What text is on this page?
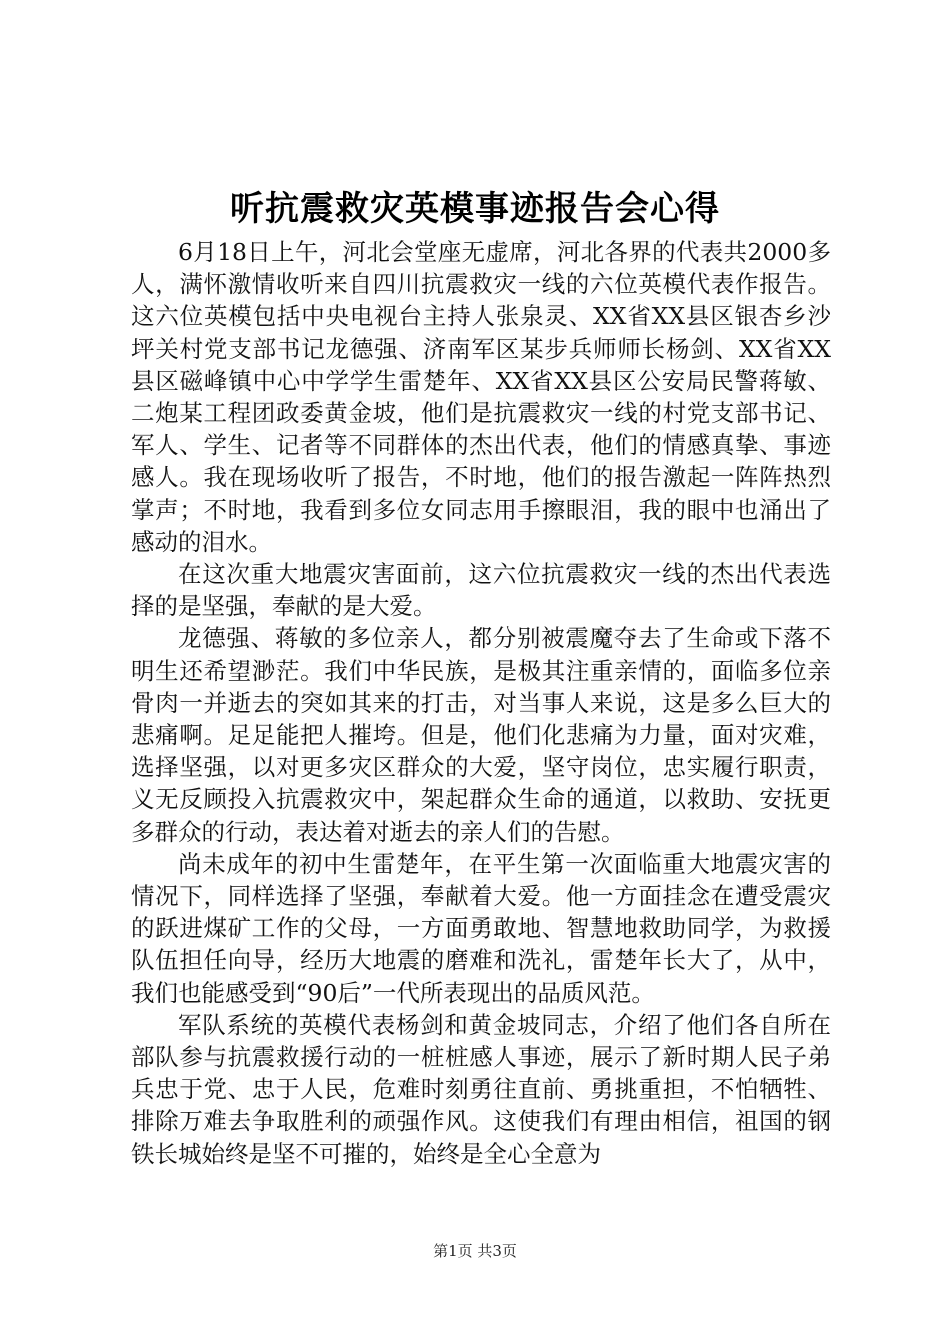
听抗震救灾英模事迹报告会心得

6月18日上午，河北会堂座无虚席，河北各界的代表共2000多人，满怀激情收听来自四川抗震救灾一线的六位英模代表作报告。这六位英模包括中央电视台主持人张泉灵、XX省XX县区银杏乡沙坪关村党支部书记龙德强、济南军区某步兵师师长杨剑、XX省XX县区磁峰镇中心中学学生雷楚年、XX省XX县区公安局民警蒋敏、二炮某工程团政委黄金坡，他们是抗震救灾一线的村党支部书记、军人、学生、记者等不同群体的杰出代表，他们的情感真挚、事迹感人。我在现场收听了报告，不时地，他们的报告激起一阵阵热烈掌声；不时地，我看到多位女同志用手擦眼泪，我的眼中也涌出了感动的泪水。

在这次重大地震灾害面前，这六位抗震救灾一线的杰出代表选择的是坚强，奉献的是大爱。

龙德强、蒋敏的多位亲人，都分别被震魔夺去了生命或下落不明生还希望渺茫。我们中华民族，是极其注重亲情的，面临多位亲骨肉一并逝去的突如其来的打击，对当事人来说，这是多么巨大的悲痛啊。足足能把人摧垮。但是，他们化悲痛为力量，面对灾难，选择坚强，以对更多灾区群众的大爱，坚守岗位，忠实履行职责，义无反顾投入抗震救灾中，架起群众生命的通道，以救助、安抚更多群众的行动，表达着对逝去的亲人们的告慰。

尚未成年的初中生雷楚年，在平生第一次面临重大地震灾害的情况下，同样选择了坚强，奉献着大爱。他一方面挂念在遭受震灾的跃进煤矿工作的父母，一方面勇敢地、智慧地救助同学，为救援队伍担任向导，经历大地震的磨难和洗礼，雷楚年长大了，从中，我们也能感受到“90后”一代所表现出的品质风范。

军队系统的英模代表杨剑和黄金坡同志，介绍了他们各自所在部队参与抗震救援行动的一桩桩感人事迹，展示了新时期人民子弟兵忠于党、忠于人民，危难时刻勇往直前、勇挑重担，不怕牺牲、排除万难去争取胜利的顽强作风。这使我们有理由相信，祖国的钢铁长城始终是坚不可摧的，始终是全心全意为

第1页 共3页
